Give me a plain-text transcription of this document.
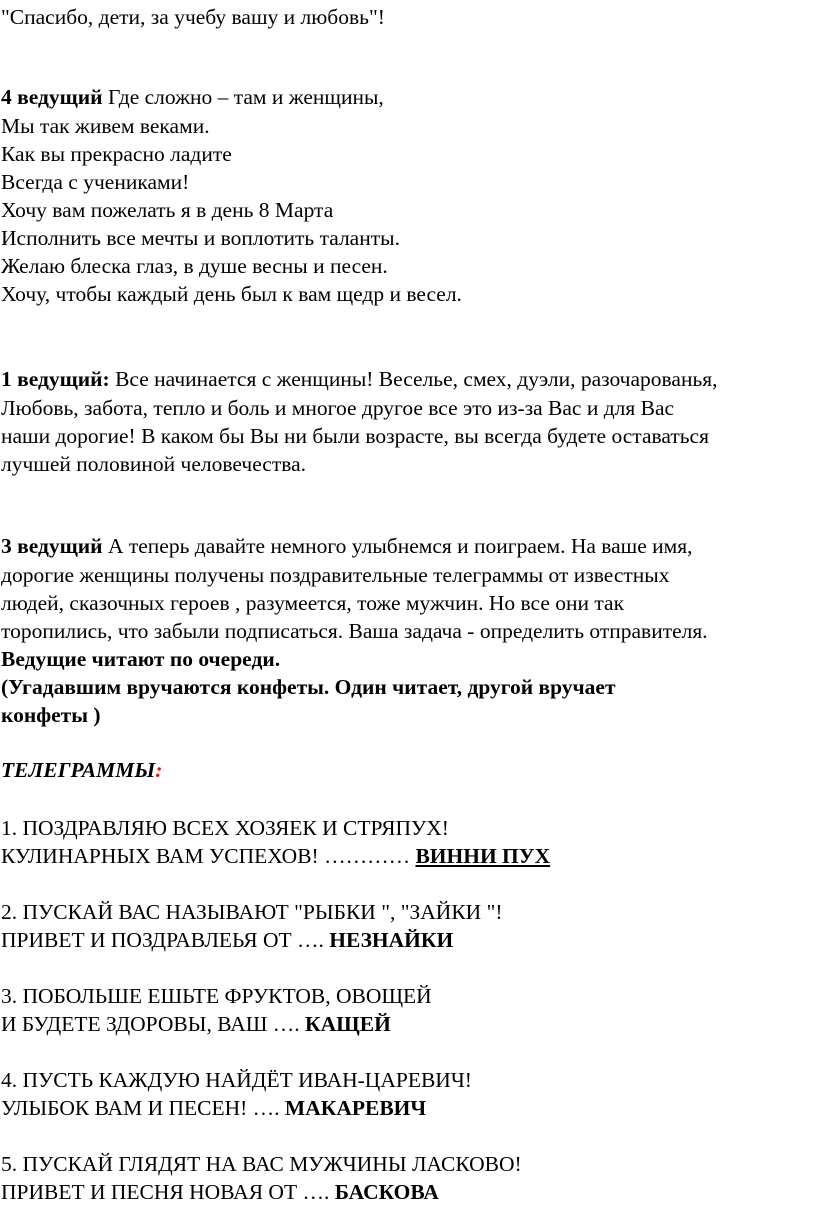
"Спасибо, дети, за учебу вашу и любовь"!
4 ведущий Где сложно – там и женщины,
Мы так живем веками.
Как вы прекрасно ладите
Всегда с учениками!
Хочу вам пожелать я в день 8 Марта
Исполнить все мечты и воплотить таланты.
Желаю блеска глаз, в душе весны и песен.
Хочу, чтобы каждый день был к вам щедр и весел.
1 ведущий: Все начинается с женщины! Веселье, смех, дуэли, разочарованья,
Любовь, забота, тепло и боль и многое другое все это из-за Вас и для Вас
наши дорогие! В каком бы Вы ни были возрасте, вы всегда будете оставаться
лучшей половиной человечества.
3 ведущий А теперь давайте немного улыбнемся и поиграем. На ваше имя,
дорогие женщины получены поздравительные телеграммы от известных
людей, сказочных героев , разумеется, тоже мужчин. Но все они так
торопились, что забыли подписаться. Ваша задача - определить отправителя.
Ведущие читают по очереди.
(Угадавшим вручаются конфеты. Один читает, другой вручает
конфеты )
ТЕЛЕГРАММЫ:
1. ПОЗДРАВЛЯЮ ВСЕХ ХОЗЯЕК И СТРЯПУХ!
КУЛИНАРНЫХ ВАМ УСПЕХОВ! ………… ВИННИ ПУХ
2. ПУСКАЙ ВАС НАЗЫВАЮТ "РЫБКИ ", "ЗАЙКИ "!
ПРИВЕТ И ПОЗДРАВЛЕЬЯ ОТ …. НЕЗНАЙКИ
3. ПОБОЛЬШЕ ЕШЬТЕ ФРУКТОВ, ОВОЩЕЙ
И БУДЕТЕ ЗДОРОВЫ, ВАШ …. КАЩЕЙ
4. ПУСТЬ КАЖДУЮ НАЙДЁТ ИВАН-ЦАРЕВИЧ!
УЛЫБОК ВАМ И ПЕСЕН! …. МАКАРЕВИЧ
5. ПУСКАЙ ГЛЯДЯТ НА ВАС МУЖЧИНЫ ЛАСКОВО!
ПРИВЕТ И ПЕСНЯ НОВАЯ ОТ …. БАСКОВА
